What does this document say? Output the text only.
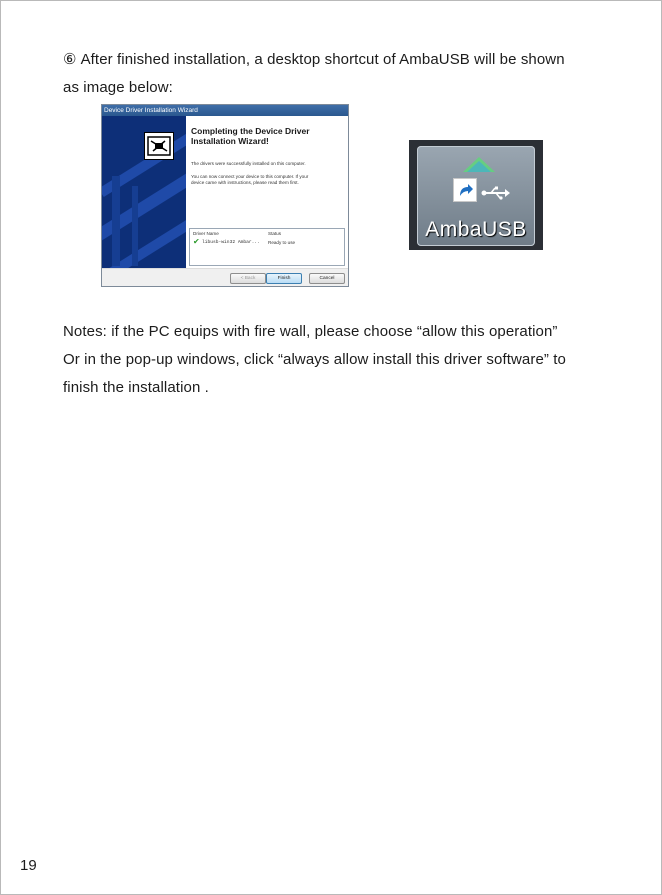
⑥ After finished installation, a desktop shortcut of AmbaUSB will be shown
as image below:
Device Driver Installation Wizard
Completing the Device Driver
Installation Wizard!
The drivers were successfully installed on this computer.
You can now connect your device to this computer. If your
device came with instructions, please read them first.
Driver Name	Status
✔ libusb-win32 Ambar... Ready to use
< Back	Finish	Cancel
AmbaUSB
Notes: if the PC equips with fire wall, please choose “allow this operation”
Or in the pop-up windows, click “always allow install this driver software” to
finish the installation .
19
